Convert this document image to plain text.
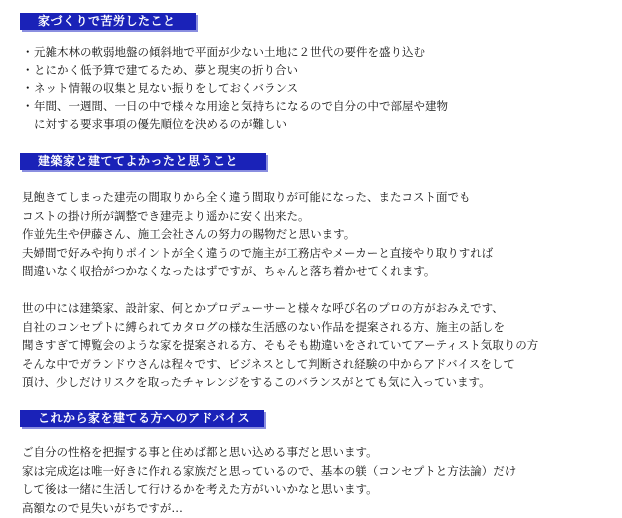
家づくりで苦労したこと
・元雑木林の軟弱地盤の傾斜地で平面が少ない土地に２世代の要件を盛り込む
・とにかく低予算で建てるため、夢と現実の折り合い
・ネット情報の収集と見ない振りをしておくバランス
・年間、一週間、一日の中で様々な用途と気持ちになるので自分の中で部屋や建物
に対する要求事項の優先順位を決めるのが難しい
建築家と建ててよかったと思うこと
見飽きてしまった建売の間取りから全く違う間取りが可能になった、またコスト面でも
コストの掛け所が調整でき建売より遥かに安く出来た。
作並先生や伊藤さん、施工会社さんの努力の賜物だと思います。
夫婦間で好みや拘りポイントが全く違うので施主が工務店やメーカーと直接やり取りすれば
間違いなく収拾がつかなくなったはずですが、ちゃんと落ち着かせてくれます。
世の中には建築家、設計家、何とかプロデューサーと様々な呼び名のプロの方がおみえです、
自社のコンセプトに縛られてカタログの様な生活感のない作品を提案される方、施主の話しを
聞きすぎて博覧会のような家を提案される方、そもそも勘違いをされていてアーティスト気取りの方
そんな中でガランドウさんは程々です、ビジネスとして判断され経験の中からアドバイスをして
頂け、少しだけリスクを取ったチャレンジをするこのバランスがとても気に入っています。
これから家を建てる方へのアドバイス
ご自分の性格を把握する事と住めば都と思い込める事だと思います。
家は完成迄は唯一好きに作れる家族だと思っているので、基本の躾（コンセプトと方法論）だけ
して後は一緒に生活して行けるかを考えた方がいいかなと思います。
高額なので見失いがちですが…
